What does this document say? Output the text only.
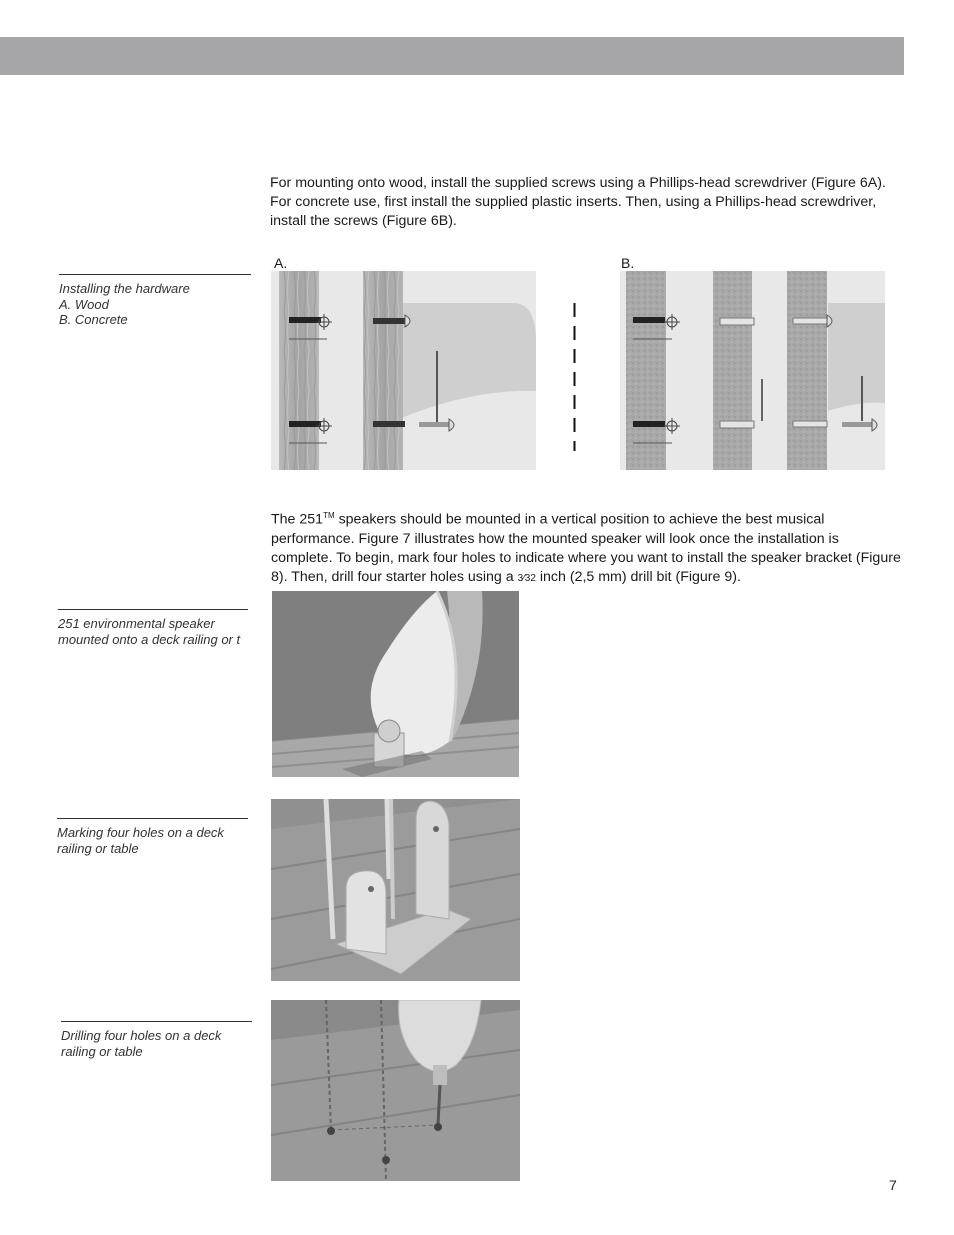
For mounting onto wood, install the supplied screws using a Phillips-head screwdriver (Figure 6A). For concrete use, first install the supplied plastic inserts. Then, using a Phillips-head screwdriver, install the screws (Figure 6B).

Installing the hardware
A. Wood
B. Concrete
A.	B.

The 251™ speakers should be mounted in a vertical position to achieve the best musical performance. Figure 7 illustrates how the mounted speaker will look once the installation is complete. To begin, mark four holes to indicate where you want to install the speaker bracket (Figure 8). Then, drill four starter holes using a 3⁄32 inch (2,5 mm) drill bit (Figure 9).

251 environmental speaker mounted onto a deck railing or t
Marking four holes on a deck railing or table
Drilling four holes on a deck railing or table
7
